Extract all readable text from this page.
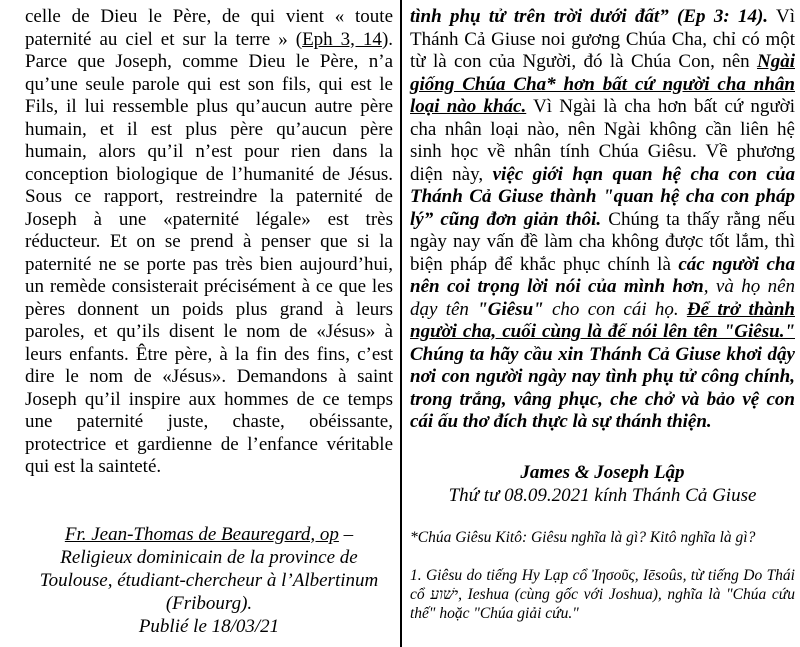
celle de Dieu le Père, de qui vient « toute paternité au ciel et sur la terre » (Eph 3, 14). Parce que Joseph, comme Dieu le Père, n’a qu’une seule parole qui est son fils, qui est le Fils, il lui ressemble plus qu’aucun autre père humain, et il est plus père qu’aucun père humain, alors qu’il n’est pour rien dans la conception biologique de l’humanité de Jésus. Sous ce rapport, restreindre la paternité de Joseph à une «paternité légale» est très réducteur. Et on se prend à penser que si la paternité ne se porte pas très bien aujourd’hui, un remède consisterait précisément à ce que les pères donnent un poids plus grand à leurs paroles, et qu’ils disent le nom de «Jésus» à leurs enfants. Être père, à la fin des fins, c’est dire le nom de «Jésus». Demandons à saint Joseph qu’il inspire aux hommes de ce temps une paternité juste, chaste, obéissante, protectrice et gardienne de l’enfance véritable qui est la sainteté.

Fr. Jean-Thomas de Beauregard, op –
Religieux dominicain de la province de
Toulouse, étudiant-chercheur à l’Albertinum
(Fribourg).
Publié le 18/03/21

tình phụ tử trên trời dưới đất” (Ep 3: 14). Vì Thánh Cả Giuse noi gương Chúa Cha, chỉ có một từ là con của Người, đó là Chúa Con, nên Ngài giống Chúa Cha* hơn bất cứ người cha nhân loại nào khác. Vì Ngài là cha hơn bất cứ người cha nhân loại nào, nên Ngài không cần liên hệ sinh học về nhân tính Chúa Giêsu. Về phương diện này, việc giới hạn quan hệ cha con của Thánh Cả Giuse thành "quan hệ cha con pháp lý” cũng đơn giản thôi. Chúng ta thấy rằng nếu ngày nay vấn đề làm cha không được tốt lắm, thì biện pháp để khắc phục chính là các người cha nên coi trọng lời nói của mình hơn, và họ nên dạy tên "Giêsu" cho con cái họ. Để trở thành người cha, cuối cùng là để nói lên tên "Giêsu." Chúng ta hãy cầu xin Thánh Cả Giuse khơi dậy nơi con người ngày nay tình phụ tử công chính, trong trắng, vâng phục, che chở và bảo vệ con cái ấu thơ đích thực là sự thánh thiện.

James & Joseph Lập
Thứ tư 08.09.2021 kính Thánh Cả Giuse

*Chúa Giêsu Kitô: Giêsu nghĩa là gì? Kitô nghĩa là gì?

1. Giêsu do tiếng Hy Lạp cổ Ἰησοῦς, Iēsoûs, từ tiếng Do Thái cổ ישׁוע, Ieshua (cùng gốc với Joshua), nghĩa là "Chúa cứu thế" hoặc "Chúa giải cứu."
